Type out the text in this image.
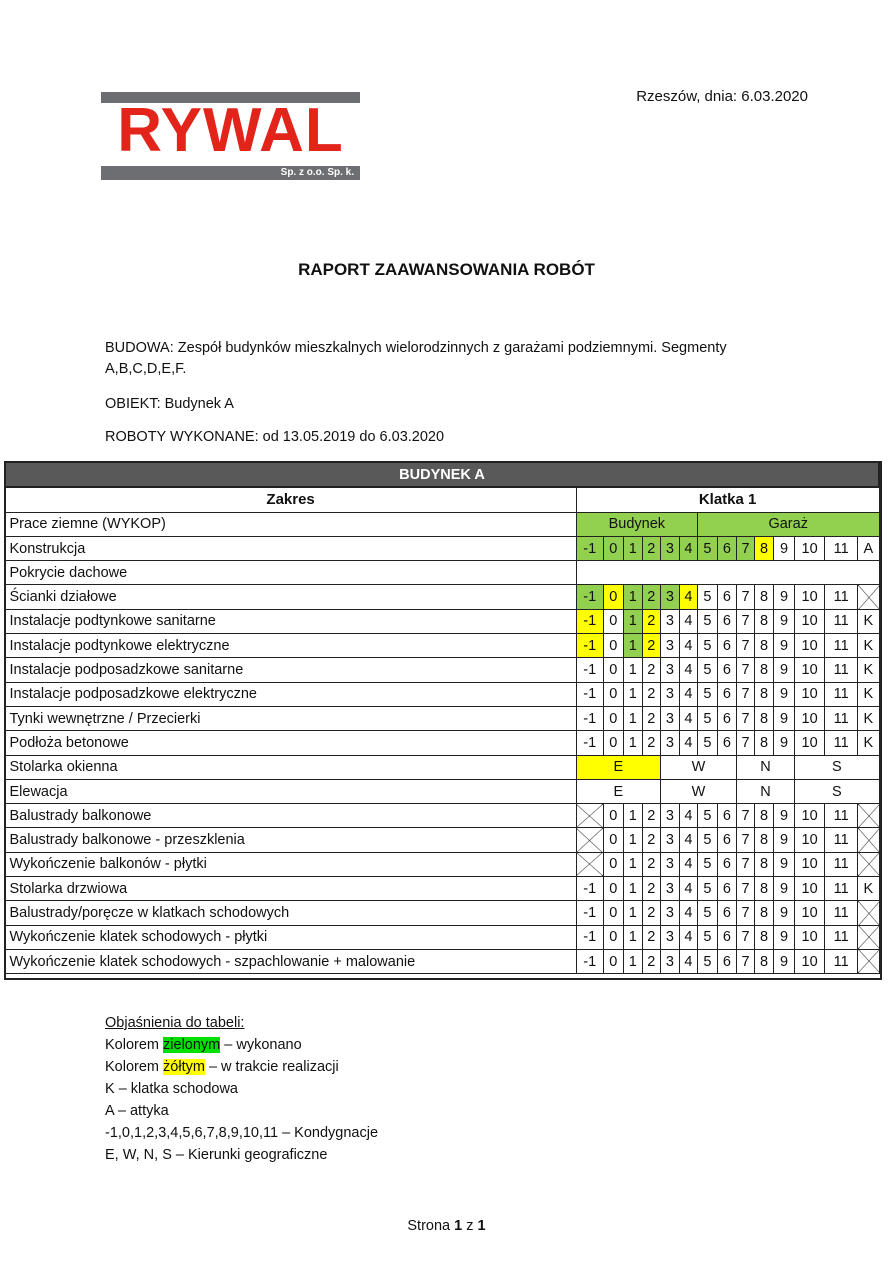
RYWAL
Sp. z o.o. Sp. k.
Rzeszów, dnia: 6.03.2020
RAPORT ZAAWANSOWANIA ROBÓT
BUDOWA: Zespół budynków mieszkalnych wielorodzinnych z garażami podziemnymi. Segmenty A,B,C,D,E,F.
OBIEKT: Budynek A
ROBOTY WYKONANE: od 13.05.2019 do 6.03.2020
BUDYNEK A														
Zakres	Klatka 1													
Prace ziemne (WYKOP)	Budynek						Garaż							
Konstrukcja	-1	0	1	2	3	4	5	6	7	8	9	10	11	A
Pokrycie dachowe														
Ścianki działowe	-1	0	1	2	3	4	5	6	7	8	9	10	11	
Instalacje podtynkowe sanitarne	-1	0	1	2	3	4	5	6	7	8	9	10	11	K
Instalacje podtynkowe elektryczne	-1	0	1	2	3	4	5	6	7	8	9	10	11	K
Instalacje podposadzkowe sanitarne	-1	0	1	2	3	4	5	6	7	8	9	10	11	K
Instalacje podposadzkowe elektryczne	-1	0	1	2	3	4	5	6	7	8	9	10	11	K
Tynki wewnętrzne / Przecierki	-1	0	1	2	3	4	5	6	7	8	9	10	11	K
Podłoża betonowe	-1	0	1	2	3	4	5	6	7	8	9	10	11	K
Stolarka okienna	E				W				N			S		
Elewacja	E				W				N			S		
Balustrady balkonowe		0	1	2	3	4	5	6	7	8	9	10	11	
Balustrady balkonowe - przeszklenia		0	1	2	3	4	5	6	7	8	9	10	11	
Wykończenie balkonów - płytki		0	1	2	3	4	5	6	7	8	9	10	11	
Stolarka drzwiowa	-1	0	1	2	3	4	5	6	7	8	9	10	11	K
Balustrady/poręcze w klatkach schodowych	-1	0	1	2	3	4	5	6	7	8	9	10	11	
Wykończenie klatek schodowych - płytki	-1	0	1	2	3	4	5	6	7	8	9	10	11	
Wykończenie klatek schodowych - szpachlowanie + malowanie	-1	0	1	2	3	4	5	6	7	8	9	10	11	
Objaśnienia do tabeli:
Kolorem zielonym – wykonano
Kolorem żółtym – w trakcie realizacji
K – klatka schodowa
A – attyka
-1,0,1,2,3,4,5,6,7,8,9,10,11 – Kondygnacje
E, W, N, S – Kierunki geograficzne
Strona 1 z 1
